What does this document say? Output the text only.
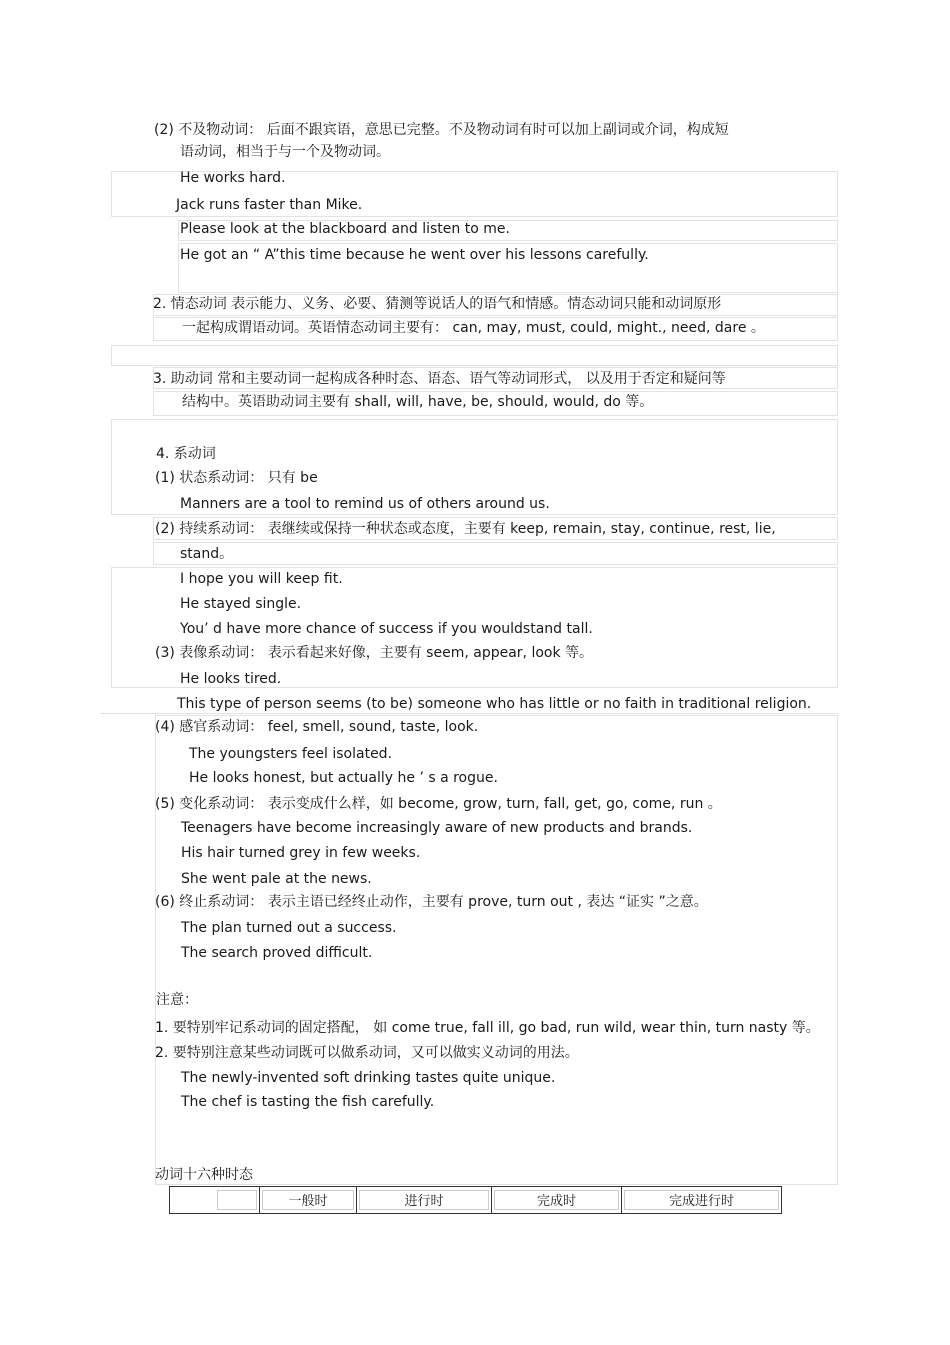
(2) 不及物动词： 后面不跟宾语，意思已完整。不及物动词有时可以加上副词或介词，构成短
语动词，相当于与一个及物动词。
He works hard.
Jack runs faster than Mike.
Please look at the blackboard and listen to me.
He got an “ A”this time because he went over his lessons carefully.
2. 情态动词 表示能力、义务、必要、猜测等说话人的语气和情感。情态动词只能和动词原形
一起构成谓语动词。英语情态动词主要有： can, may, must, could, might., need, dare 。
3. 助动词 常和主要动词一起构成各种时态、语态、语气等动词形式， 以及用于否定和疑问等
结构中。英语助动词主要有 shall, will, have, be, should, would, do 等。
4. 系动词
(1) 状态系动词： 只有 be
Manners are a tool to remind us of others around us.
(2) 持续系动词： 表继续或保持一种状态或态度，主要有 keep, remain, stay, continue, rest, lie,
stand。
I hope you will keep fit.
He stayed single.
You’ d have more chance of success if you wouldstand tall.
(3) 表像系动词： 表示看起来好像，主要有 seem, appear, look 等。
He looks tired.
This type of person seems (to be) someone who has little or no faith in traditional religion.
(4) 感官系动词： feel, smell, sound, taste, look.
The youngsters feel isolated.
He looks honest, but actually he ’ s a rogue.
(5) 变化系动词： 表示变成什么样，如 become, grow, turn, fall, get, go, come, run 。
Teenagers have become increasingly aware of new products and brands.
His hair turned grey in few weeks.
She went pale at the news.
(6) 终止系动词： 表示主语已经终止动作，主要有 prove, turn out , 表达 “证实 ”之意。
The plan turned out a success.
The search proved difficult.
注意：
1. 要特别牢记系动词的固定搭配， 如 come true, fall ill, go bad, run wild, wear thin, turn nasty 等。
2. 要特别注意某些动词既可以做系动词，又可以做实义动词的用法。
The newly-invented soft drinking tastes quite unique.
The chef is tasting the fish carefully.
动词十六种时态

一般时	进行时	完成时	完成进行时
